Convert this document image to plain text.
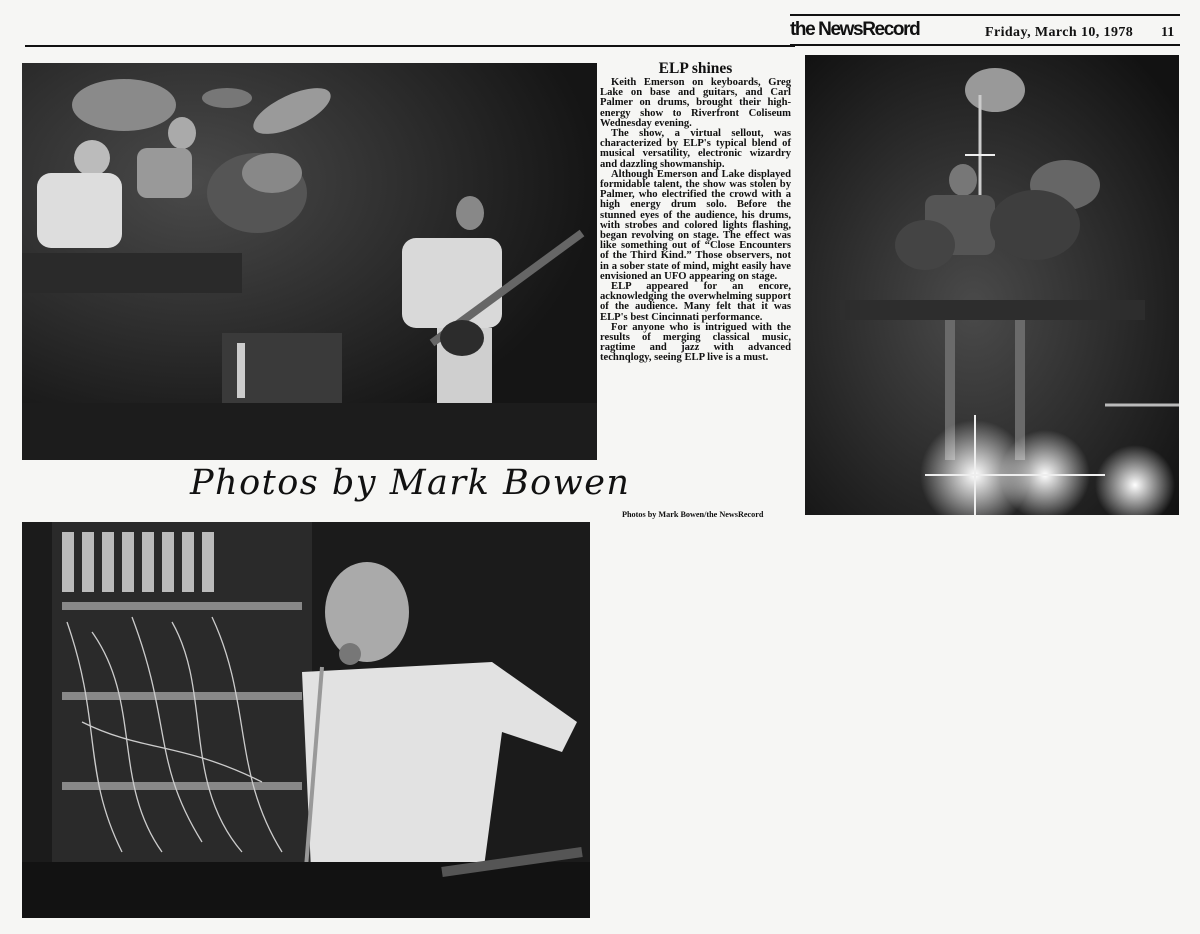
the NewsRecord	Friday, March 10, 1978 11
Photos by Mark Bowen
ELP shines

Keith Emerson on keyboards, Greg Lake on base and guitars, and Carl Palmer on drums, brought their high-energy show to Riverfront Coliseum Wednesday evening.

The show, a virtual sellout, was characterized by ELP's typical blend of musical versatility, electronic wizardry and dazzling showmanship.

Although Emerson and Lake displayed formidable talent, the show was stolen by Palmer, who electrified the crowd with a high energy drum solo. Before the stunned eyes of the audience, his drums, with strobes and colored lights flashing, began revolving on stage. The effect was like something out of “Close Encounters of the Third Kind.” Those observers, not in a sober state of mind, might easily have envisioned an UFO appearing on stage.

ELP appeared for an encore, acknowledging the overwhelming support of the audience. Many felt that it was ELP's best Cincinnati performance.

For anyone who is intrigued with the results of merging classical music, ragtime and jazz with advanced technqlogy, seeing ELP live is a must.

Photos by Mark Bowen/the NewsRecord
